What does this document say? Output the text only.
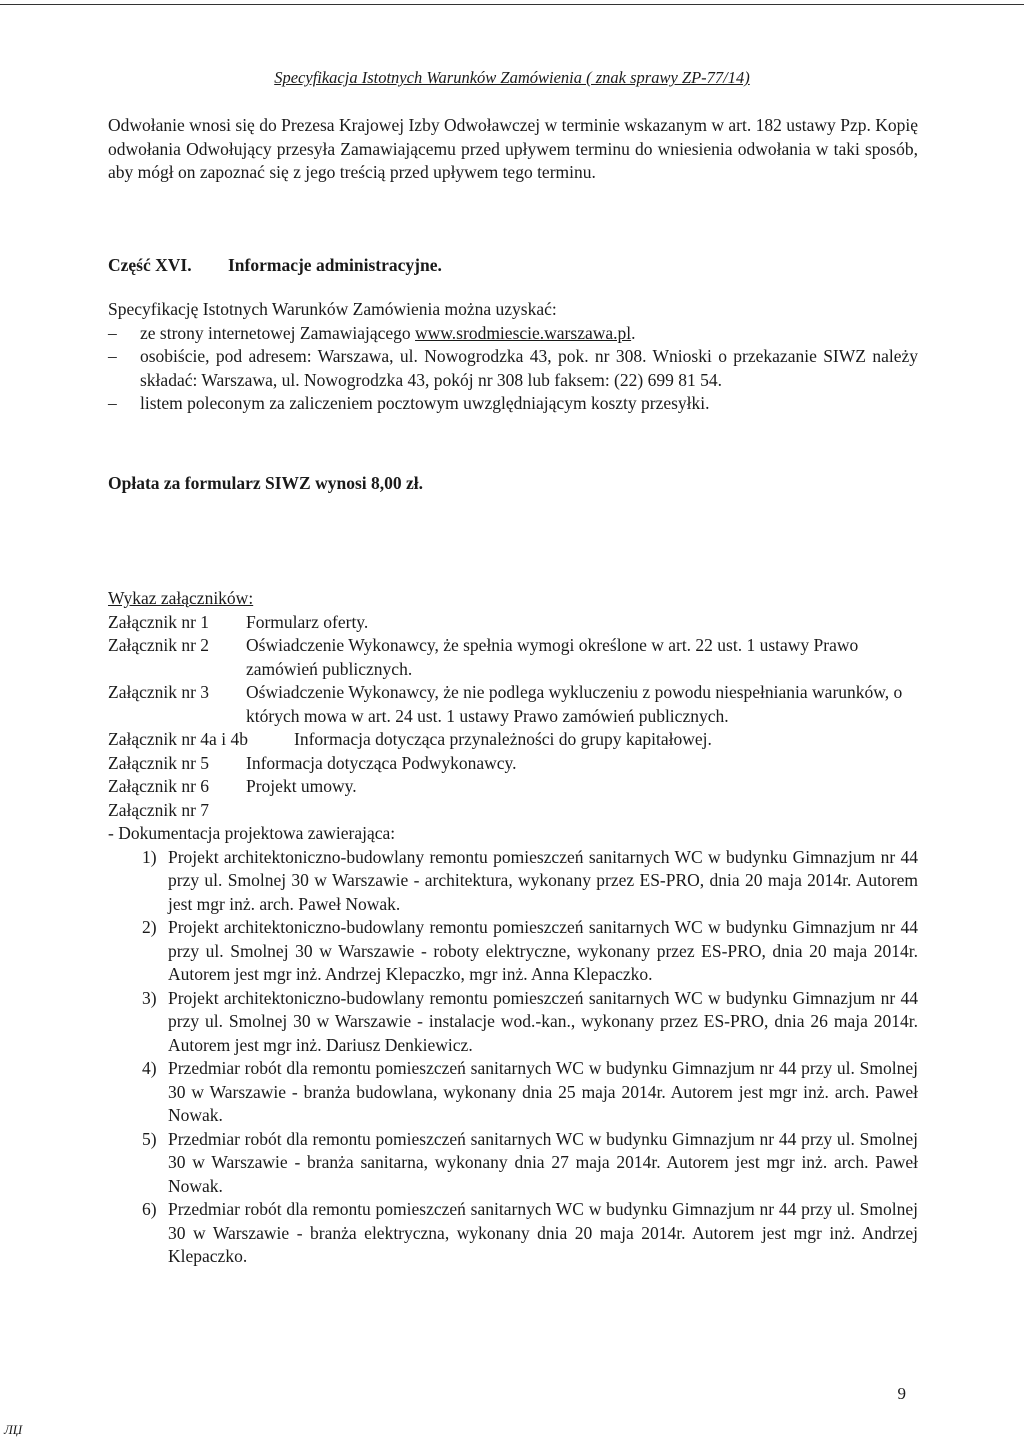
Specyfikacja Istotnych Warunków Zamówienia ( znak sprawy ZP-77/14)
Odwołanie wnosi się do Prezesa Krajowej Izby Odwoławczej w terminie wskazanym w art. 182 ustawy Pzp. Kopię odwołania Odwołujący przesyła Zamawiającemu przed upływem terminu do wniesienia odwołania w taki sposób, aby mógł on zapoznać się z jego treścią przed upływem tego terminu.
Część XVI. Informacje administracyjne.
Specyfikację Istotnych Warunków Zamówienia można uzyskać:
– ze strony internetowej Zamawiającego www.srodmiescie.warszawa.pl.
– osobiście, pod adresem: Warszawa, ul. Nowogrodzka 43, pok. nr 308. Wnioski o przekazanie SIWZ należy składać: Warszawa, ul. Nowogrodzka 43, pokój nr 308 lub faksem: (22) 699 81 54.
– listem poleconym za zaliczeniem pocztowym uwzględniającym koszty przesyłki.
Opłata za formularz SIWZ wynosi 8,00 zł.
Wykaz załączników:
Załącznik nr 1	Formularz oferty.
Załącznik nr 2	Oświadczenie Wykonawcy, że spełnia wymogi określone w art. 22 ust. 1 ustawy Prawo zamówień publicznych.
Załącznik nr 3	Oświadczenie Wykonawcy, że nie podlega wykluczeniu z powodu niespełniania warunków, o których mowa w art. 24 ust. 1 ustawy Prawo zamówień publicznych.
Załącznik nr 4a i 4b	Informacja dotycząca przynależności do grupy kapitałowej.
Załącznik nr 5	Informacja dotycząca Podwykonawcy.
Załącznik nr 6	Projekt umowy.
Załącznik nr 7
- Dokumentacja projektowa zawierająca:
1) Projekt architektoniczno-budowlany remontu pomieszczeń sanitarnych WC w budynku Gimnazjum nr 44 przy ul. Smolnej 30 w Warszawie - architektura, wykonany przez ES-PRO, dnia 20 maja 2014r. Autorem jest mgr inż. arch. Paweł Nowak.
2) Projekt architektoniczno-budowlany remontu pomieszczeń sanitarnych WC w budynku Gimnazjum nr 44 przy ul. Smolnej 30 w Warszawie - roboty elektryczne, wykonany przez ES-PRO, dnia 20 maja 2014r. Autorem jest mgr inż. Andrzej Klepaczko, mgr inż. Anna Klepaczko.
3) Projekt architektoniczno-budowlany remontu pomieszczeń sanitarnych WC w budynku Gimnazjum nr 44 przy ul. Smolnej 30 w Warszawie - instalacje wod.-kan., wykonany przez ES-PRO, dnia 26 maja 2014r. Autorem jest mgr inż. Dariusz Denkiewicz.
4) Przedmiar robót dla remontu pomieszczeń sanitarnych WC w budynku Gimnazjum nr 44 przy ul. Smolnej 30 w Warszawie - branża budowlana, wykonany dnia 25 maja 2014r. Autorem jest mgr inż. arch. Paweł Nowak.
5) Przedmiar robót dla remontu pomieszczeń sanitarnych WC w budynku Gimnazjum nr 44 przy ul. Smolnej 30 w Warszawie - branża sanitarna, wykonany dnia 27 maja 2014r. Autorem jest mgr inż. arch. Paweł Nowak.
6) Przedmiar robót dla remontu pomieszczeń sanitarnych WC w budynku Gimnazjum nr 44 przy ul. Smolnej 30 w Warszawie - branża elektryczna, wykonany dnia 20 maja 2014r. Autorem jest mgr inż. Andrzej Klepaczko.
9
ЛЏ
